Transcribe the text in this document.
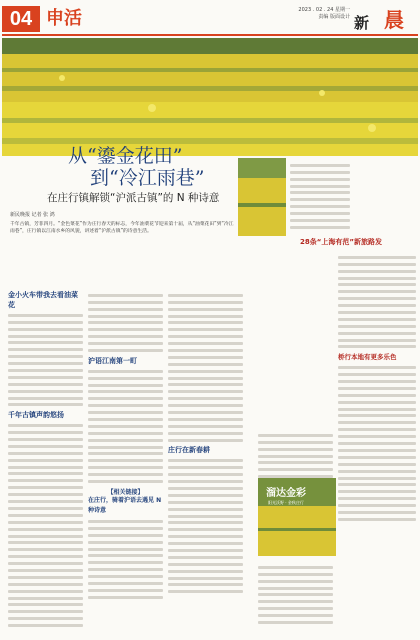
04 申活	2023 . 02 . 24 星期一
责编 版面设计 新 晨
从“鎏金花田”
到“冷江雨巷”
在庄行镇解锁“沪派古镇”的 N 种诗意
新民晚报 记者 张 鸿
千年古镇，芳菲四月。“金色菜花”作为庄行春天的标志，今年油菜花节迎来第十届，从“油菜花田”到“冷江雨巷”，庄行镇以江南水乡的风貌，讲述着“沪派古镇”的诗意生活。
金小火车带我去看油菜花
千年古镇声韵悠扬
沪语江南第一町
【相关链接】
在庄行，骑着沪语去遇见 N 种诗意
庄行在新春耕
28条“上海有范”新旅路发
桥行本地有更多乐色
溜达金彩
阳光沃野 · 金秋庄行
